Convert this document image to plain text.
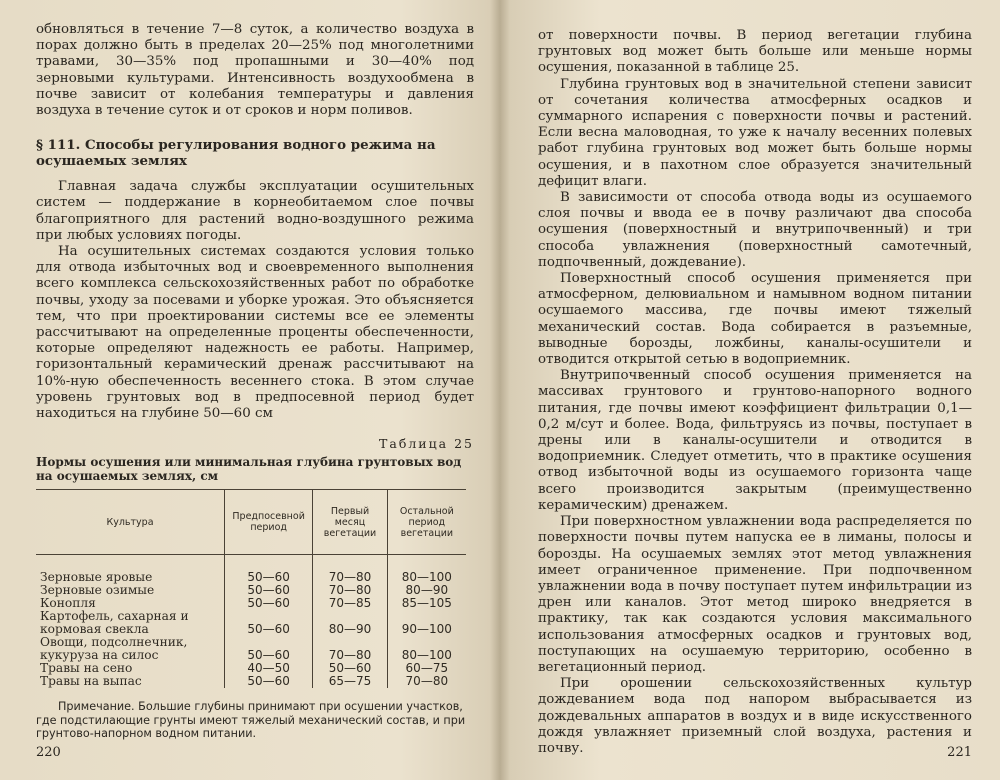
обновляться в течение 7—8 суток, а количество воздуха в порах должно быть в пределах 20—25% под многолетними травами, 30—35% под пропашными и 30—40% под зерновыми культурами. Интенсивность воздухообмена в почве зависит от колебания температуры и давления воздуха в течение суток и от сроков и норм поливов.

§ 111. Способы регулирования водного режима на осушаемых землях

Главная задача службы эксплуатации осушительных систем — поддержание в корнеобитаемом слое почвы благоприятного для растений водно-воздушного режима при любых условиях погоды.

На осушительных системах создаются условия только для отвода избыточных вод и своевременного выполнения всего комплекса сельскохозяйственных работ по обработке почвы, уходу за посевами и уборке урожая. Это объясняется тем, что при проектировании системы все ее элементы рассчитывают на определенные проценты обеспеченности, которые определяют надежность ее работы. Например, горизонтальный керамический дренаж рассчитывают на 10%-ную обеспеченность весеннего стока. В этом случае уровень грунтовых вод в предпосевной период будет находиться на глубине 50—60 см

Таблица 25
Нормы осушения или минимальная глубина грунтовых вод на осушаемых землях, см
Культура	Предпосевной период	Первый месяц вегетации	Остальной период вегетации

Зерновые яровые	50—60	70—80	80—100
Зерновые озимые	50—60	70—80	80—90
Конопля	50—60	70—85	85—105
Картофель, сахарная и кормовая свекла	50—60	80—90	90—100
Овощи, подсолнечник, кукуруза на силос	50—60	70—80	80—100
Травы на сено	40—50	50—60	60—75
Травы на выпас	50—60	65—75	70—80
Примечание. Большие глубины принимают при осушении участков, где подстилающие грунты имеют тяжелый механический состав, и при грунтово-напорном водном питании.
220

от поверхности почвы. В период вегетации глубина грунтовых вод может быть больше или меньше нормы осушения, показанной в таблице 25.

Глубина грунтовых вод в значительной степени зависит от сочетания количества атмосферных осадков и суммарного испарения с поверхности почвы и растений. Если весна маловодная, то уже к началу весенних полевых работ глубина грунтовых вод может быть больше нормы осушения, и в пахотном слое образуется значительный дефицит влаги.

В зависимости от способа отвода воды из осушаемого слоя почвы и ввода ее в почву различают два способа осушения (поверхностный и внутрипочвенный) и три способа увлажнения (поверхностный самотечный, подпочвенный, дождевание).

Поверхностный способ осушения применяется при атмосферном, делювиальном и намывном водном питании осушаемого массива, где почвы имеют тяжелый механический состав. Вода собирается в разъемные, выводные борозды, ложбины, каналы-осушители и отводится открытой сетью в водоприемник.

Внутрипочвенный способ осушения применяется на массивах грунтового и грунтово-напорного водного питания, где почвы имеют коэффициент фильтрации 0,1—0,2 м/сут и более. Вода, фильтруясь из почвы, поступает в дрены или в каналы-осушители и отводится в водоприемник. Следует отметить, что в практике осушения отвод избыточной воды из осушаемого горизонта чаще всего производится закрытым (преимущественно керамическим) дренажем.

При поверхностном увлажнении вода распределяется по поверхности почвы путем напуска ее в лиманы, полосы и борозды. На осушаемых землях этот метод увлажнения имеет ограниченное применение. При подпочвенном увлажнении вода в почву поступает путем инфильтрации из дрен или каналов. Этот метод широко внедряется в практику, так как создаются условия максимального использования атмосферных осадков и грунтовых вод, поступающих на осушаемую территорию, особенно в вегетационный период.

При орошении сельскохозяйственных культур дождеванием вода под напором выбрасывается из дождевальных аппаратов в воздух и в виде искусственного дождя увлажняет приземный слой воздуха, растения и почву.	221
